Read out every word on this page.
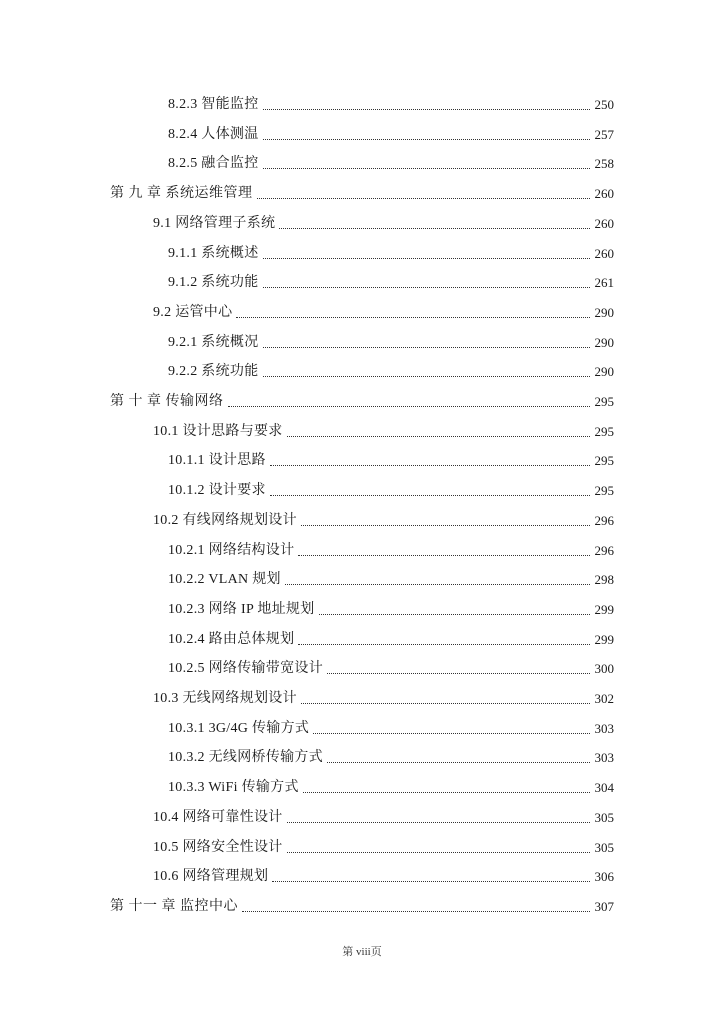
8.2.3 智能监控	250
8.2.4 人体测温	257
8.2.5 融合监控	258
第 九 章 系统运维管理	260
9.1 网络管理子系统	260
9.1.1 系统概述	260
9.1.2 系统功能	261
9.2 运管中心	290
9.2.1 系统概况	290
9.2.2 系统功能	290
第 十 章 传输网络	295
10.1 设计思路与要求	295
10.1.1 设计思路	295
10.1.2 设计要求	295
10.2 有线网络规划设计	296
10.2.1 网络结构设计	296
10.2.2 VLAN 规划	298
10.2.3 网络 IP 地址规划	299
10.2.4 路由总体规划	299
10.2.5 网络传输带宽设计	300
10.3 无线网络规划设计	302
10.3.1 3G/4G 传输方式	303
10.3.2 无线网桥传输方式	303
10.3.3 WiFi 传输方式	304
10.4 网络可靠性设计	305
10.5 网络安全性设计	305
10.6 网络管理规划	306
第 十一 章 监控中心	307
第 viii页
